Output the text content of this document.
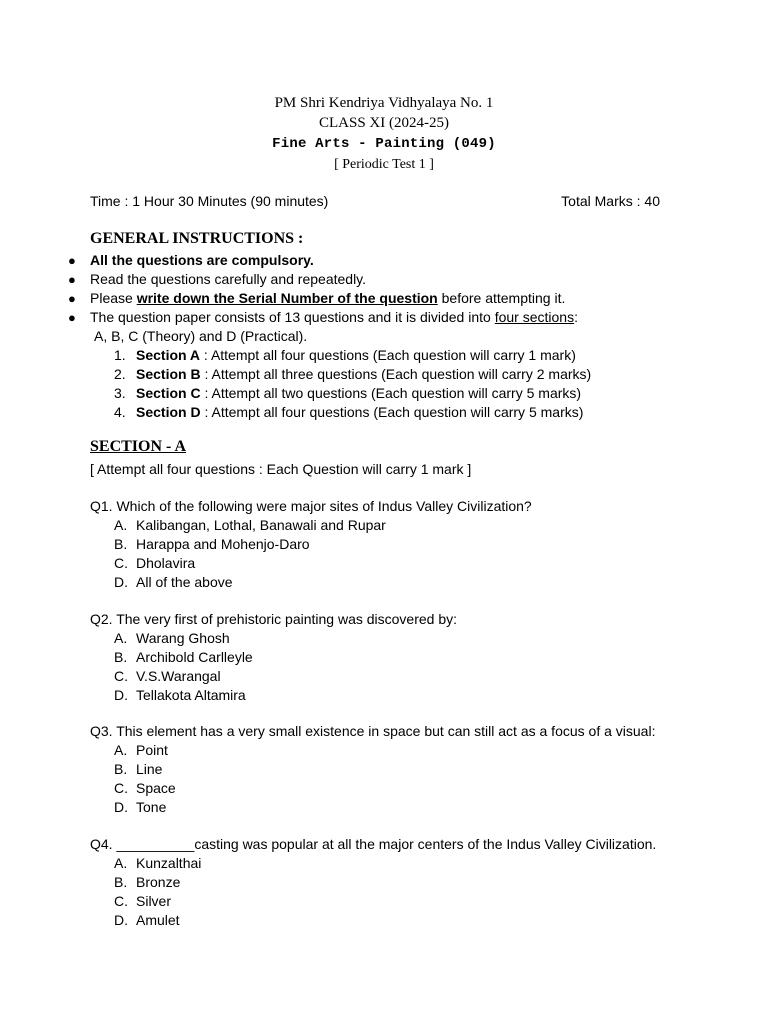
PM Shri Kendriya Vidhyalaya No. 1
CLASS XI (2024-25)
Fine Arts - Painting (049)
[ Periodic Test 1 ]
Time : 1 Hour 30 Minutes (90 minutes)	Total Marks : 40
GENERAL INSTRUCTIONS :
● All the questions are compulsory.
● Read the questions carefully and repeatedly.
● Please write down the Serial Number of the question before attempting it.
● The question paper consists of 13 questions and it is divided into four sections:
A, B, C (Theory) and D (Practical).
1. Section A : Attempt all four questions (Each question will carry 1 mark)
2. Section B : Attempt all three questions (Each question will carry 2 marks)
3. Section C : Attempt all two questions (Each question will carry 5 marks)
4. Section D : Attempt all four questions (Each question will carry 5 marks)
SECTION - A
[ Attempt all four questions : Each Question will carry 1 mark ]
Q1. Which of the following were major sites of Indus Valley Civilization?
A. Kalibangan, Lothal, Banawali and Rupar
B. Harappa and Mohenjo-Daro
C. Dholavira
D. All of the above
Q2. The very first of prehistoric painting was discovered by:
A. Warang Ghosh
B. Archibold Carlleyle
C. V.S.Warangal
D. Tellakota Altamira
Q3. This element has a very small existence in space but can still act as a focus of a visual:
A. Point
B. Line
C. Space
D. Tone
Q4. __________casting was popular at all the major centers of the Indus Valley Civilization.
A. Kunzalthai
B. Bronze
C. Silver
D. Amulet
